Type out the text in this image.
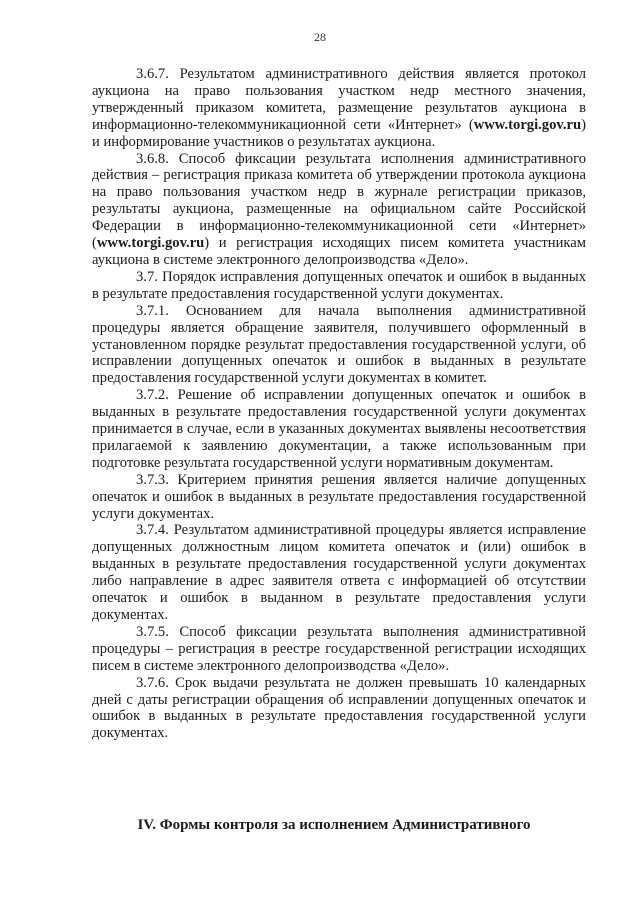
28

3.6.7. Результатом административного действия является протокол аукциона на право пользования участком недр местного значения, утвержденный приказом комитета, размещение результатов аукциона в информационно-телекоммуникационной сети «Интернет» (www.torgi.gov.ru) и информирование участников о результатах аукциона.

3.6.8. Способ фиксации результата исполнения административного действия – регистрация приказа комитета об утверждении протокола аукциона на право пользования участком недр в журнале регистрации приказов, результаты аукциона, размещенные на официальном сайте Российской Федерации в информационно-телекоммуникационной сети «Интернет» (www.torgi.gov.ru) и регистрация исходящих писем комитета участникам аукциона в системе электронного делопроизводства «Дело».

3.7. Порядок исправления допущенных опечаток и ошибок в выданных в результате предоставления государственной услуги документах.

3.7.1. Основанием для начала выполнения административной процедуры является обращение заявителя, получившего оформленный в установленном порядке результат предоставления государственной услуги, об исправлении допущенных опечаток и ошибок в выданных в результате предоставления государственной услуги документах в комитет.

3.7.2. Решение об исправлении допущенных опечаток и ошибок в выданных в результате предоставления государственной услуги документах принимается в случае, если в указанных документах выявлены несоответствия прилагаемой к заявлению документации, а также использованным при подготовке результата государственной услуги нормативным документам.

3.7.3. Критерием принятия решения является наличие допущенных опечаток и ошибок в выданных в результате предоставления государственной услуги документах.

3.7.4. Результатом административной процедуры является исправление допущенных должностным лицом комитета опечаток и (или) ошибок в выданных в результате предоставления государственной услуги документах либо направление в адрес заявителя ответа с информацией об отсутствии опечаток и ошибок в выданном в результате предоставления услуги документах.

3.7.5. Способ фиксации результата выполнения административной процедуры – регистрация в реестре государственной регистрации исходящих писем в системе электронного делопроизводства «Дело».

3.7.6. Срок выдачи результата не должен превышать 10 календарных дней с даты регистрации обращения об исправлении допущенных опечаток и ошибок в выданных в результате предоставления государственной услуги документах.

IV. Формы контроля за исполнением Административного
